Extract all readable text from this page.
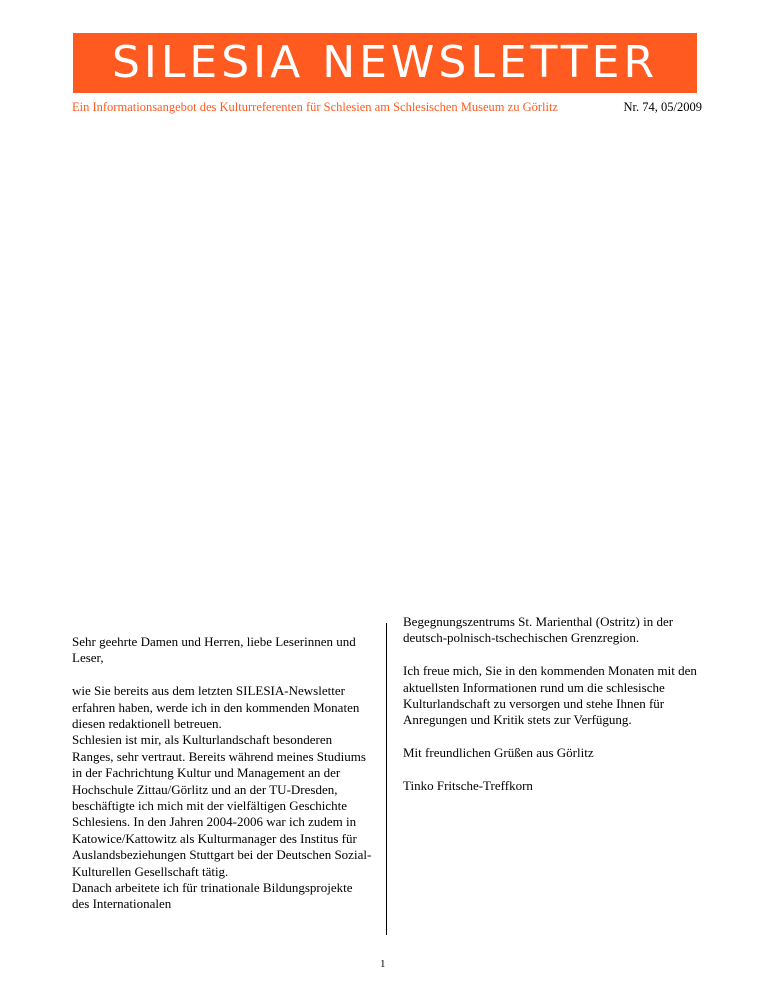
SILESIA NEWSLETTER
Ein Informationsangebot des Kulturreferenten für Schlesien am Schlesischen Museum zu Görlitz	Nr. 74, 05/2009

Sehr geehrte Damen und Herren, liebe Leserinnen und Leser,

wie Sie bereits aus dem letzten SILESIA-Newsletter erfahren haben, werde ich in den kommenden Monaten diesen redaktionell betreuen.

Schlesien ist mir, als Kulturlandschaft besonderen Ranges, sehr vertraut. Bereits während meines Studiums in der Fachrichtung Kultur und Management an der Hochschule Zittau/Görlitz und an der TU-Dresden, beschäftigte ich mich mit der vielfältigen Geschichte Schlesiens. In den Jahren 2004-2006 war ich zudem in Katowice/Kattowitz als Kulturmanager des Institus für Auslandsbeziehungen Stuttgart bei der Deutschen Sozial-Kulturellen Gesellschaft tätig.

Danach arbeitete ich für trinationale Bildungsprojekte des Internationalen

Begegnungszentrums St. Marienthal (Ostritz) in der deutsch-polnisch-tschechischen Grenzregion.

Ich freue mich, Sie in den kommenden Monaten mit den aktuellsten Informationen rund um die schlesische Kulturlandschaft zu versorgen und stehe Ihnen für Anregungen und Kritik stets zur Verfügung.

Mit freundlichen Grüßen aus Görlitz

Tinko Fritsche-Treffkorn

1
